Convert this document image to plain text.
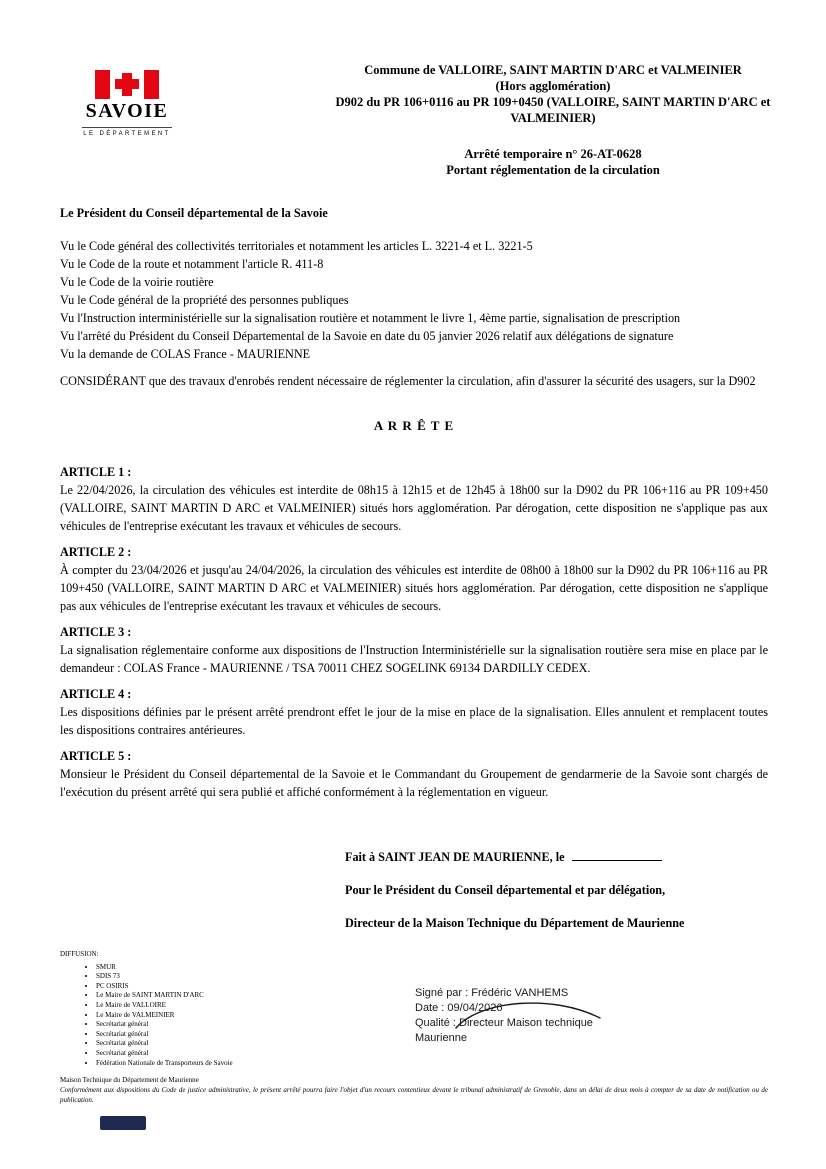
SAVOIE
LE DÉPARTEMENT
Commune de VALLOIRE, SAINT MARTIN D'ARC et VALMEINIER
(Hors agglomération)
D902 du PR 106+0116 au PR 109+0450 (VALLOIRE, SAINT MARTIN D'ARC et VALMEINIER)
Arrêté temporaire n° 26-AT-0628
Portant réglementation de la circulation

Le Président du Conseil départemental de la Savoie

Vu le Code général des collectivités territoriales et notamment les articles L. 3221-4 et L. 3221-5

Vu le Code de la route et notamment l'article R. 411-8

Vu le Code de la voirie routière

Vu le Code général de la propriété des personnes publiques

Vu l'Instruction interministérielle sur la signalisation routière et notamment le livre 1, 4ème partie, signalisation de prescription

Vu l'arrêté du Président du Conseil Départemental de la Savoie en date du 05 janvier 2026 relatif aux délégations de signature

Vu la demande de COLAS France - MAURIENNE

CONSIDÉRANT que des travaux d'enrobés rendent nécessaire de réglementer la circulation, afin d'assurer la sécurité des usagers, sur la D902

A R R Ê T E

ARTICLE 1 :

Le 22/04/2026, la circulation des véhicules est interdite de 08h15 à 12h15 et de 12h45 à 18h00 sur la D902 du PR 106+116 au PR 109+450 (VALLOIRE, SAINT MARTIN D ARC et VALMEINIER) situés hors agglomération. Par dérogation, cette disposition ne s'applique pas aux véhicules de l'entreprise exécutant les travaux et véhicules de secours.

ARTICLE 2 :

À compter du 23/04/2026 et jusqu'au 24/04/2026, la circulation des véhicules est interdite de 08h00 à 18h00 sur la D902 du PR 106+116 au PR 109+450 (VALLOIRE, SAINT MARTIN D ARC et VALMEINIER) situés hors agglomération. Par dérogation, cette disposition ne s'applique pas aux véhicules de l'entreprise exécutant les travaux et véhicules de secours.

ARTICLE 3 :

La signalisation réglementaire conforme aux dispositions de l'Instruction Interministérielle sur la signalisation routière sera mise en place par le demandeur : COLAS France - MAURIENNE / TSA 70011 CHEZ SOGELINK 69134 DARDILLY CEDEX.

ARTICLE 4 :

Les dispositions définies par le présent arrêté prendront effet le jour de la mise en place de la signalisation. Elles annulent et remplacent toutes les dispositions contraires antérieures.

ARTICLE 5 :

Monsieur le Président du Conseil départemental de la Savoie et le Commandant du Groupement de gendarmerie de la Savoie sont chargés de l'exécution du présent arrêté qui sera publié et affiché conformément à la réglementation en vigueur.

Fait à SAINT JEAN DE MAURIENNE, le

Pour le Président du Conseil départemental et par délégation,

Directeur de la Maison Technique du Département de Maurienne

DIFFUSION:
• SMUR
• SDIS 73
• PC OSIRIS
• Le Maire de SAINT MARTIN D'ARC
• Le Maire de VALLOIRE
• Le Maire de VALMEINIER
• Secrétariat général
• Secrétariat général
• Secrétariat général
• Secrétariat général
• Fédération Nationale de Transporteurs de Savoie
Signé par : Frédéric VANHEMS
Date : 09/04/2026
Qualité : Directeur Maison technique
Maurienne
Maison Technique du Département de Maurienne
Conformément aux dispositions du Code de justice administrative, le présent arrêté pourra faire l'objet d'un recours contentieux devant le tribunal administratif de Grenoble, dans un délai de deux mois à compter de sa date de notification ou de publication.
